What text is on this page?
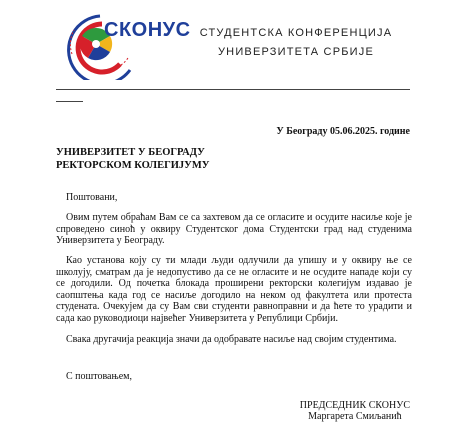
СКОНУС СТУДЕНТСКА КОНФЕРЕНЦИЈА
УНИВЕРЗИТЕТА СРБИЈЕ
У Београду 05.06.2025. године
УНИВЕРЗИТЕТ У БЕОГРАДУ
РЕКТОРСКОМ КОЛЕГИЈУМУ
Поштовани,
Овим путем обраћам Вам се са захтевом да се огласите и осудите насиље које је спроведено синоћ у оквиру Студентског дома Студентски град над студенима Универзитета у Београду.
Као установа коју су ти млади људи одлучили да упишу и у оквиру ње се школују, сматрам да је недопустиво да се не огласите и не осудите нападе који су се догодили. Од почетка блокада проширени ректорски колегијум издавао је саопштења када год се насиље догодило на неком од факултета или протеста студената. Очекујем да су Вам сви студенти равноправни и да ћете то урадити и сада као руководиоци највећег Универзитета у Републици Србији.
Свака другачија реакција значи да одобравате насиље над својим студентима.
С поштовањем,
ПРЕДСЕДНИК СКОНУС
Маргарета Смиљанић
